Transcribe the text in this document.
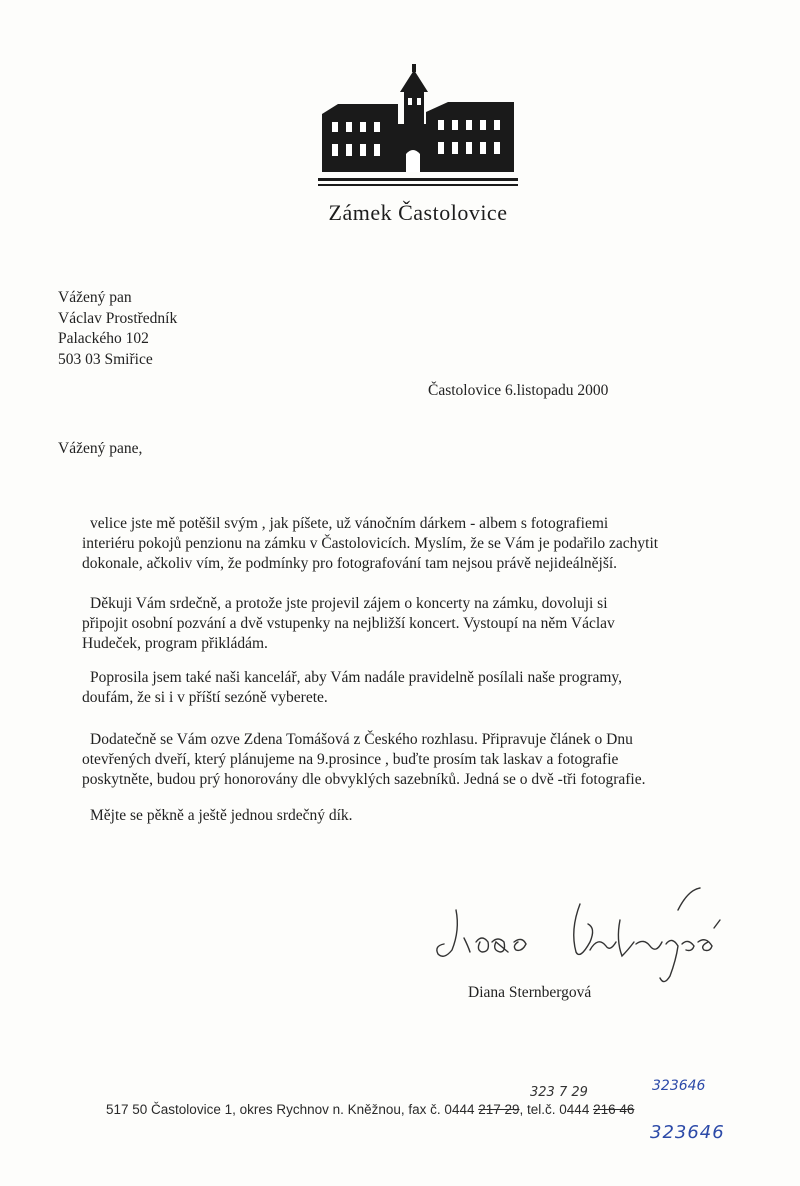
Zámek Častolovice
Vážený pan
Václav Prostředník
Palackého 102
503 03 Smiřice
Častolovice 6.listopadu 2000
Vážený pane,
velice jste mě potěšil svým , jak píšete, už vánočním dárkem - albem s fotografiemi
interiéru pokojů penzionu na zámku v Častolovicích. Myslím, že se Vám je podařilo zachytit
dokonale, ačkoliv vím, že podmínky pro fotografování tam nejsou právě nejideálnější.
Děkuji Vám srdečně, a protože jste projevil zájem o koncerty na zámku, dovoluji si
připojit osobní pozvání a dvě vstupenky na nejbližší koncert. Vystoupí na něm Václav
Hudeček, program přikládám.
Poprosila jsem také naši kancelář, aby Vám nadále pravidelně posílali naše programy,
doufám, že si i v příští sezóně vyberete.
Dodatečně se Vám ozve Zdena Tomášová z Českého rozhlasu. Připravuje článek o Dnu
otevřených dveří, který plánujeme na 9.prosince , buďte prosím tak laskav a fotografie
poskytněte, budou prý honorovány dle obvyklých sazebníků. Jedná se o dvě -tři fotografie.
Mějte se pěkně a ještě jednou srdečný dík.
Diana Sternbergová
323 7 29	323646
323646
517 50 Častolovice 1, okres Rychnov n. Kněžnou, fax č. 0444 217 29, tel.č. 0444 216 46
